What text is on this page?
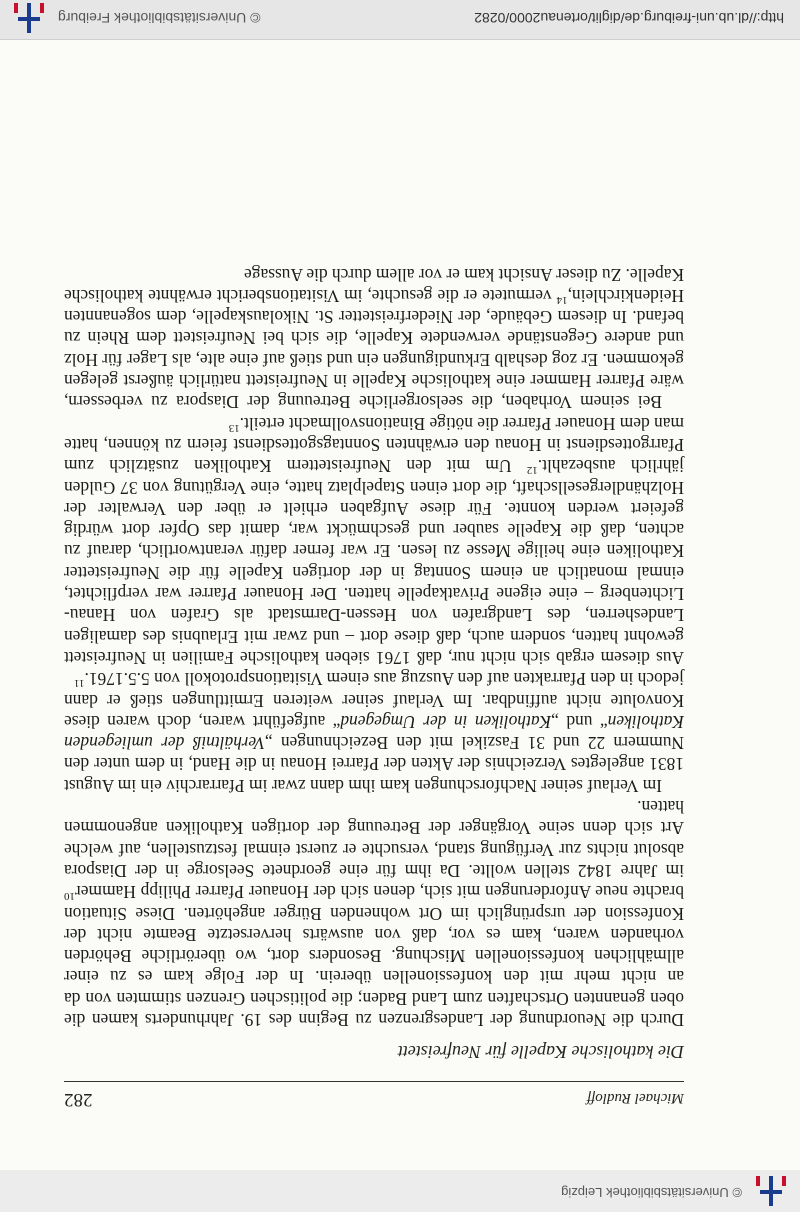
© Universitätsbibliothek Leipzig
Michael Rudloff
282
Die katholische Kapelle für Neufreistett

Durch die Neuordnung der Landesgrenzen zu Beginn des 19. Jahrhunderts kamen die oben genannten Ortschaften zum Land Baden; die politischen Grenzen stimmten von da an nicht mehr mit den konfessionellen überein. In der Folge kam es zu einer allmählichen konfessionellen Mischung. Besonders dort, wo überörtliche Behörden vorhanden waren, kam es vor, daß von auswärts herversetzte Beamte nicht der Konfession der ursprünglich im Ort wohnenden Bürger angehörten. Diese Situation brachte neue Anforderungen mit sich, denen sich der Honauer Pfarrer Philipp Hammer$^{10}$ im Jahre 1842 stellen wollte. Da ihm für eine geordnete Seelsorge in der Diaspora absolut nichts zur Verfügung stand, versuchte er zuerst einmal festzustellen, auf welche Art sich denn seine Vorgänger der Betreuung der dortigen Katholiken angenommen hatten.

Im Verlauf seiner Nachforschungen kam ihm dann zwar im Pfarrarchiv ein im August 1831 angelegtes Verzeichnis der Akten der Pfarrei Honau in die Hand, in dem unter den Nummern 22 und 31 Faszikel mit den Bezeichnungen „Verhältniß der umliegenden Katholiken“ und „Katholiken in der Umgegend“ aufgeführt waren, doch waren diese Konvolute nicht auffindbar. Im Verlauf seiner weiteren Ermittlungen stieß er dann jedoch in den Pfarrakten auf den Auszug aus einem Visitationsprotokoll von 5.5.1761.11

Aus diesem ergab sich nicht nur, daß 1761 sieben katholische Familien in Neufreistett gewohnt hatten, sondern auch, daß diese dort – und zwar mit Erlaubnis des damaligen Landesherren, des Landgrafen von Hessen-Darmstadt als Grafen von Hanau-Lichtenberg – eine eigene Privatkapelle hatten. Der Honauer Pfarrer war verpflichtet, einmal monatlich an einem Sonntag in der dortigen Kapelle für die Neufreistetter Katholiken eine heilige Messe zu lesen. Er war ferner dafür verantwortlich, darauf zu achten, daß die Kapelle sauber und geschmückt war, damit das Opfer dort würdig gefeiert werden konnte. Für diese Aufgaben erhielt er über den Verwalter der Holzhändlergesellschaft, die dort einen Stapelplatz hatte, eine Vergütung von 37 Gulden jährlich ausbezahlt.$^{12}$ Um mit den Neufreistettern Katholiken zusätzlich zum Pfarrgottesdienst in Honau den erwähnten Sonntagsgottesdienst feiern zu können, hatte man dem Honauer Pfarrer die nötige Binationsvollmacht erteilt.$^{13}$

Bei seinem Vorhaben, die seelsorgerliche Betreuung der Diaspora zu verbessern, wäre Pfarrer Hammer eine katholische Kapelle in Neufreistett natürlich äußerst gelegen gekommen. Er zog deshalb Erkundigungen ein und stieß auf eine alte, als Lager für Holz und andere Gegenstände verwendete Kapelle, die sich bei Neufreistett dem Rhein zu befand. In diesem Gebäude, der Niederfreistetter St. Nikolauskapelle, dem sogenannten Heidenkirchlein,$^{14}$ vermutete er die gesuchte, im Visitationsbericht erwähnte katholische Kapelle. Zu dieser Ansicht kam er vor allem durch die Aussage

http://dl.ub.uni-freiburg.de/diglit/ortenau2000/0282
© Universitätsbibliothek Freiburg
